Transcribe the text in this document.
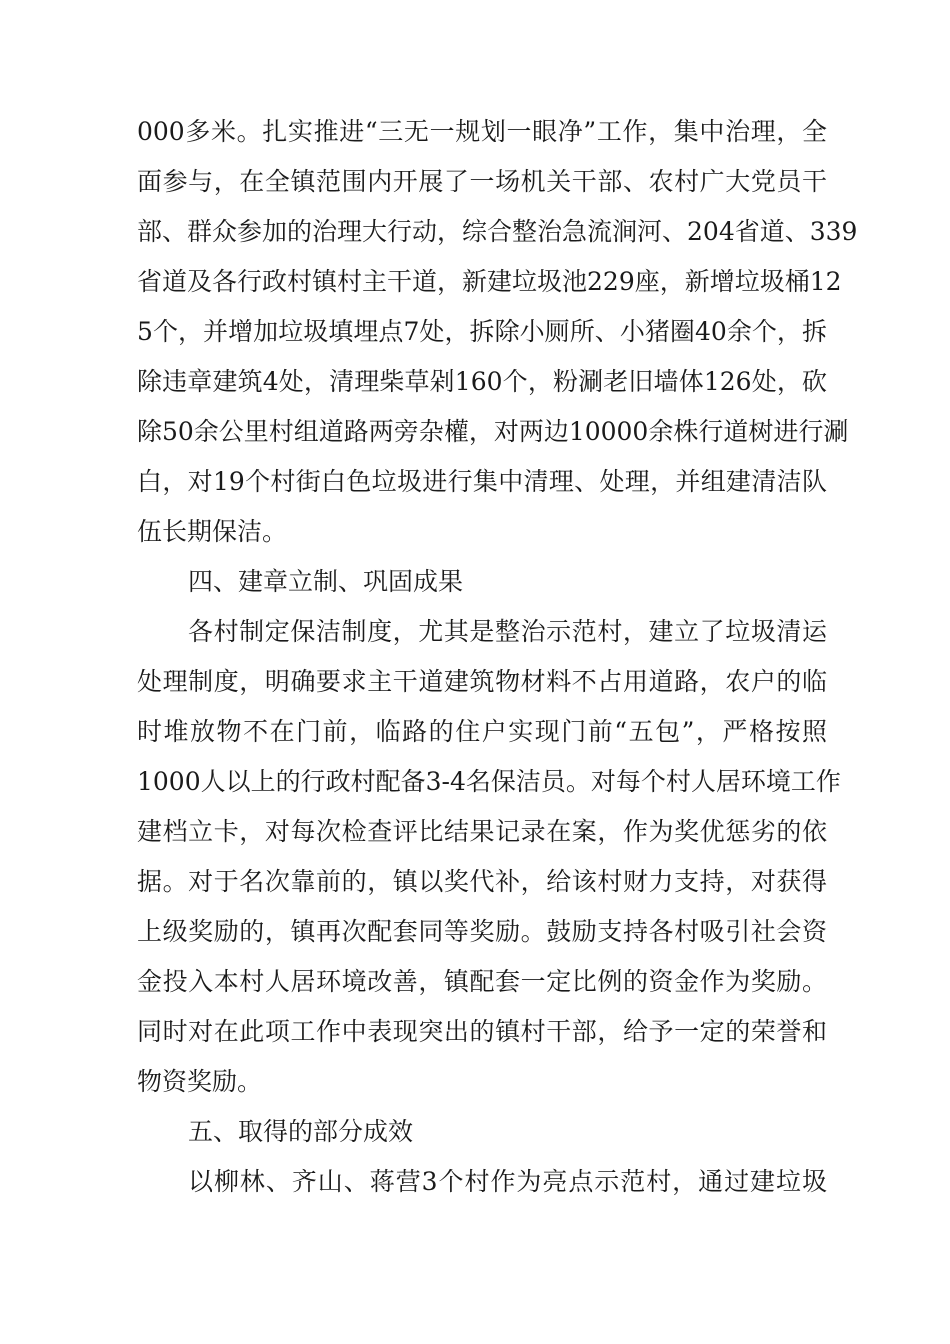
000多米。扎实推进“三无一规划一眼净”工作，集中治理，全
面参与，在全镇范围内开展了一场机关干部、农村广大党员干
部、群众参加的治理大行动，综合整治急流涧河、204省道、339
省道及各行政村镇村主干道，新建垃圾池229座，新增垃圾桶12
5个，并增加垃圾填埋点7处，拆除小厕所、小猪圈40余个，拆
除违章建筑4处，清理柴草剁160个，粉涮老旧墙体126处，砍
除50余公里村组道路两旁杂權，对两边10000余株行道树进行涮
白，对19个村街白色垃圾进行集中清理、处理，并组建清洁队
伍长期保洁。
四、建章立制、巩固成果
各村制定保洁制度，尤其是整治示范村，建立了垃圾清运
处理制度，明确要求主干道建筑物材料不占用道路，农户的临
时堆放物不在门前，临路的住户实现门前“五包”，严格按照
1000人以上的行政村配备3-4名保洁员。对每个村人居环境工作
建档立卡，对每次检查评比结果记录在案，作为奖优惩劣的依
据。对于名次靠前的，镇以奖代补，给该村财力支持，对获得
上级奖励的，镇再次配套同等奖励。鼓励支持各村吸引社会资
金投入本村人居环境改善，镇配套一定比例的资金作为奖励。
同时对在此项工作中表现突出的镇村干部，给予一定的荣誉和
物资奖励。
五、取得的部分成效
以柳林、齐山、蒋营3个村作为亮点示范村，通过建垃圾
